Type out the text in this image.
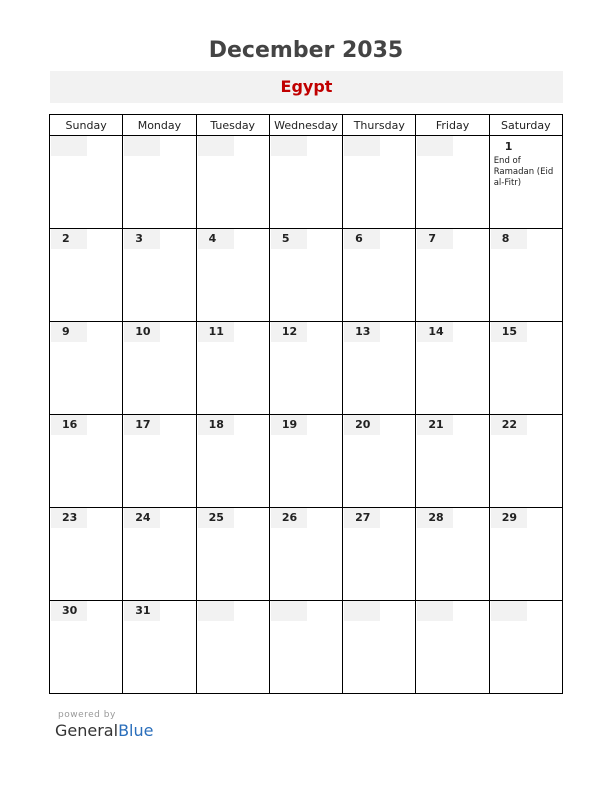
December 2035
Egypt
Sunday	Monday	Tuesday	Wednesday	Thursday	Friday	Saturday

						1
End of Ramadan (Eid al-Fitr)

2	3	4	5	6	7	8

9	10	11	12	13	14	15

16	17	18	19	20	21	22

23	24	25	26	27	28	29

30	31					

powered by
GeneralBlue
